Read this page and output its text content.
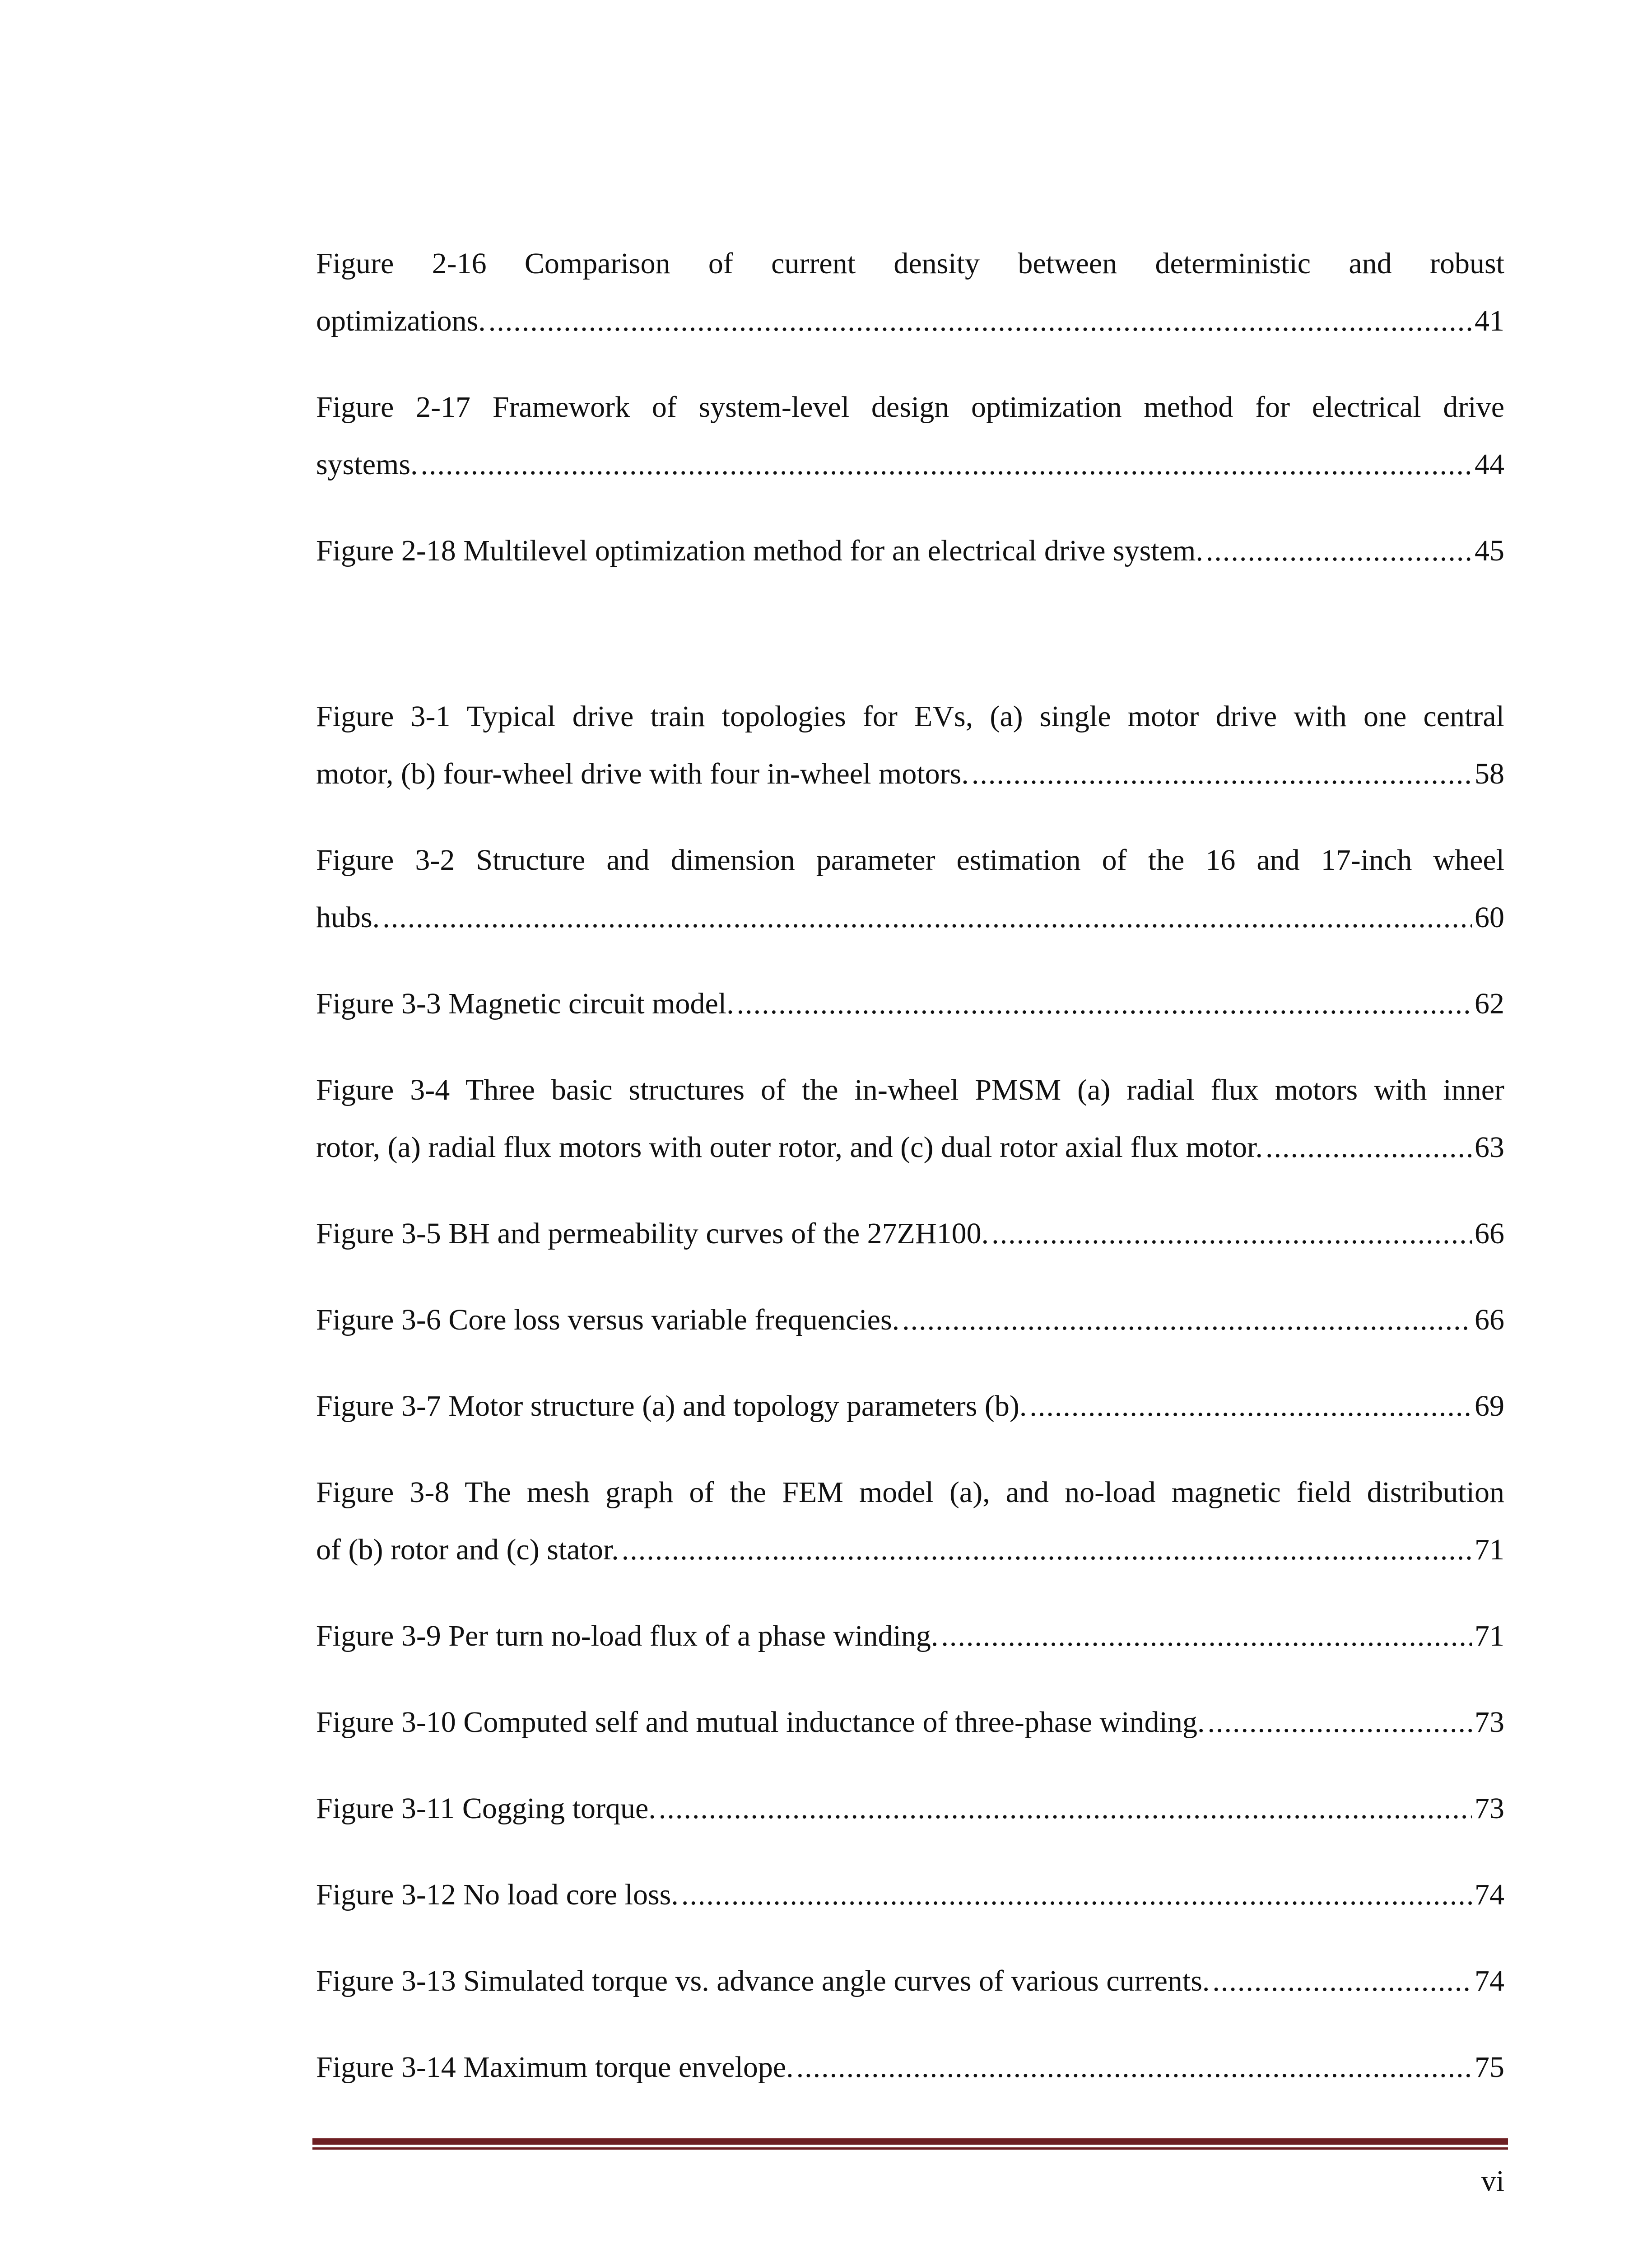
Figure 2-16 Comparison of current density between deterministic and robust
optimizations. .....	41
Figure 2-17 Framework of system-level design optimization method for electrical drive
systems. .....	44
Figure 2-18 Multilevel optimization method for an electrical drive system. .....	45
Figure 3-1 Typical drive train topologies for EVs, (a) single motor drive with one central
motor, (b) four-wheel drive with four in-wheel motors. .....	58
Figure 3-2 Structure and dimension parameter estimation of the 16 and 17-inch wheel
hubs. .....	60
Figure 3-3 Magnetic circuit model. .....	62
Figure 3-4 Three basic structures of the in-wheel PMSM (a) radial flux motors with inner
rotor, (a) radial flux motors with outer rotor, and (c) dual rotor axial flux motor. .....	63
Figure 3-5 BH and permeability curves of the 27ZH100. .....	66
Figure 3-6 Core loss versus variable frequencies. .....	66
Figure 3-7 Motor structure (a) and topology parameters (b). .....	69
Figure 3-8 The mesh graph of the FEM model (a), and no-load magnetic field distribution
of (b) rotor and (c) stator. .....	71
Figure 3-9 Per turn no-load flux of a phase winding. .....	71
Figure 3-10 Computed self and mutual inductance of three-phase winding. .....	73
Figure 3-11 Cogging torque. .....	73
Figure 3-12 No load core loss. .....	74
Figure 3-13 Simulated torque vs. advance angle curves of various currents. .....	74
Figure 3-14 Maximum torque envelope. .....	75
vi
